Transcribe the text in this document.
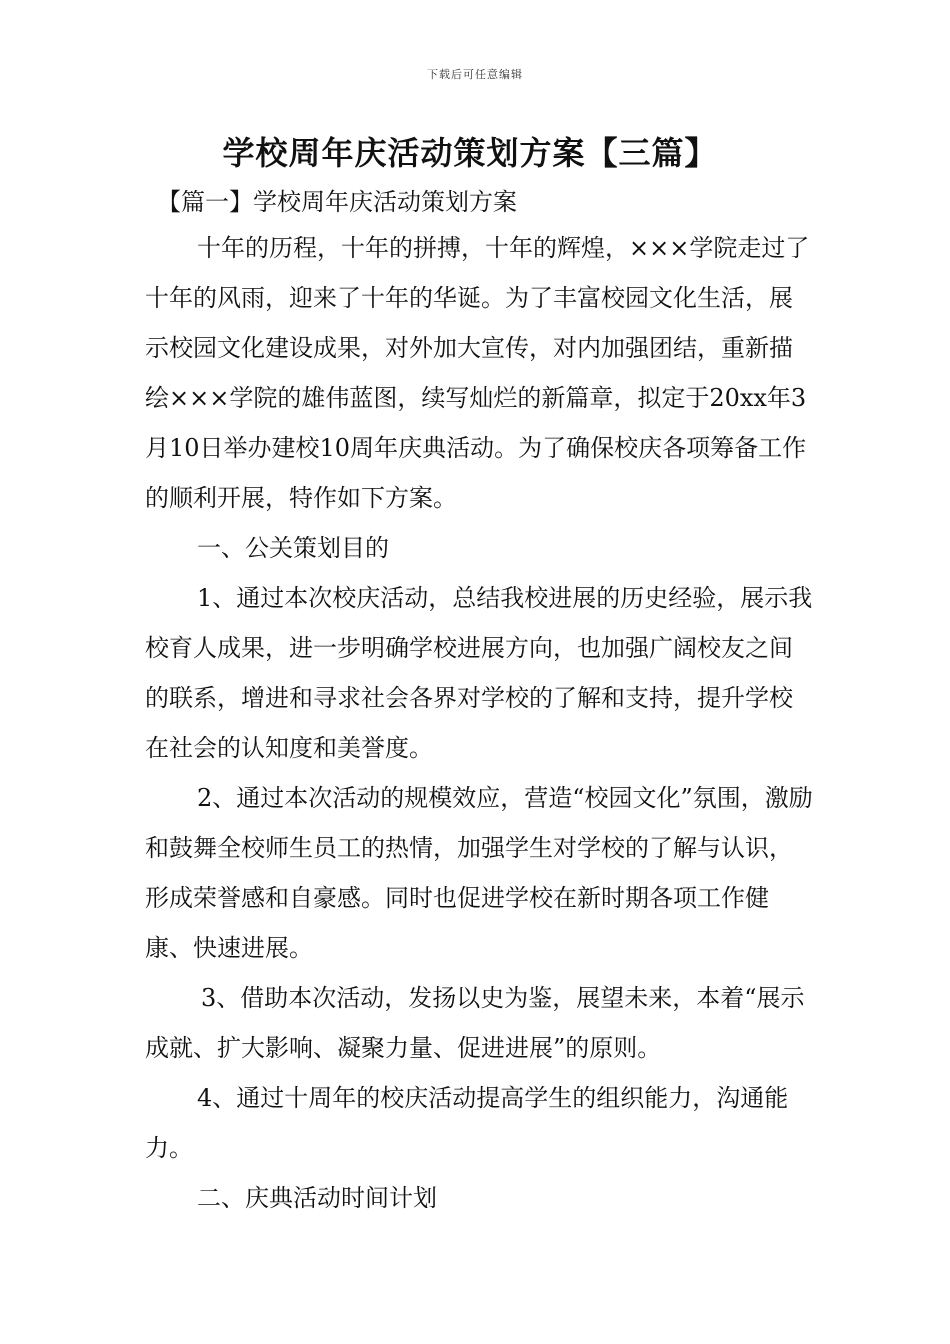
下载后可任意编辑
学校周年庆活动策划方案【三篇】
【篇一】学校周年庆活动策划方案

十年的历程，十年的拼搏，十年的辉煌，×××学院走过了十年的风雨，迎来了十年的华诞。为了丰富校园文化生活，展示校园文化建设成果，对外加大宣传，对内加强团结，重新描绘×××学院的雄伟蓝图，续写灿烂的新篇章，拟定于20xx年3月10日举办建校10周年庆典活动。为了确保校庆各项筹备工作的顺利开展，特作如下方案。

一、公关策划目的

1、通过本次校庆活动，总结我校进展的历史经验，展示我校育人成果，进一步明确学校进展方向，也加强广阔校友之间的联系，增进和寻求社会各界对学校的了解和支持，提升学校在社会的认知度和美誉度。

2、通过本次活动的规模效应，营造“校园文化”氛围，激励和鼓舞全校师生员工的热情，加强学生对学校的了解与认识，形成荣誉感和自豪感。同时也促进学校在新时期各项工作健康、快速进展。

3、借助本次活动，发扬以史为鉴，展望未来，本着“展示成就、扩大影响、凝聚力量、促进进展”的原则。

4、通过十周年的校庆活动提高学生的组织能力，沟通能力。

二、庆典活动时间计划
